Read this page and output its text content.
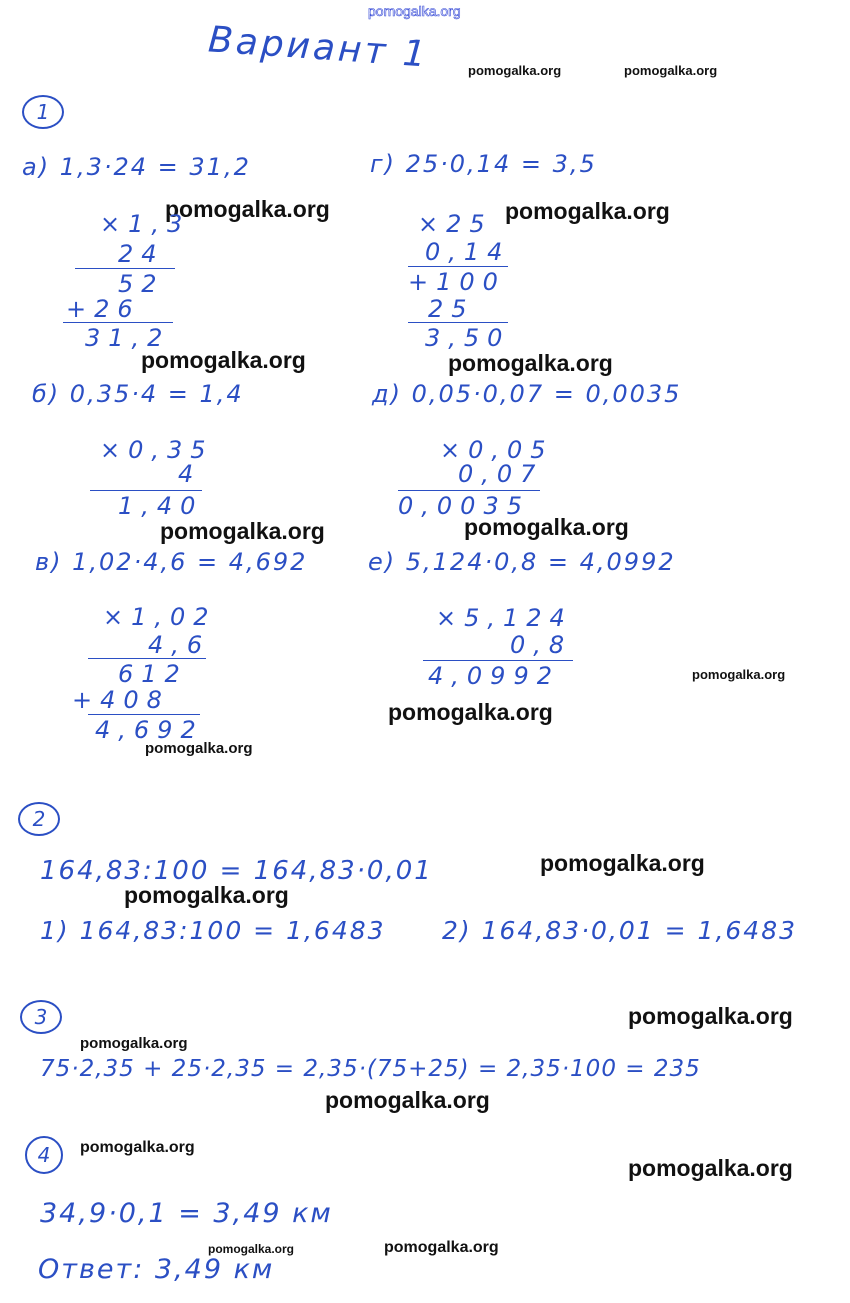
pomogalka.org
pomogalka.org	pomogalka.org
pomogalka.org	pomogalka.org
pomogalka.org	pomogalka.org
pomogalka.org	pomogalka.org
pomogalka.org
pomogalka.org
pomogalka.org
pomogalka.org
pomogalka.org
pomogalka.org
pomogalka.org
pomogalka.org
pomogalka.org
pomogalka.org
pomogalka.org	pomogalka.org
Вариант 1
1
а) 1,3·24 = 31,2	г) 25·0,14 = 3,5
б) 0,35·4 = 1,4	д) 0,05·0,07 = 0,0035
в) 1,02·4,6 = 4,692	е) 5,124·0,8 = 4,0992
×1,3
24
52
+26
31,2
×25
0,14
+100
25
3,50
×0,35
4
1,40
×0,05
0,07
0,0035
×1,02
4,6
612
+408
4,692
×5,124
0,8
4,0992
2
164,83:100 = 164,83·0,01
1) 164,83:100 = 1,6483 2) 164,83·0,01 = 1,6483
3
75·2,35 + 25·2,35 = 2,35·(75+25) = 2,35·100 = 235
4
34,9·0,1 = 3,49 км
Ответ: 3,49 км
